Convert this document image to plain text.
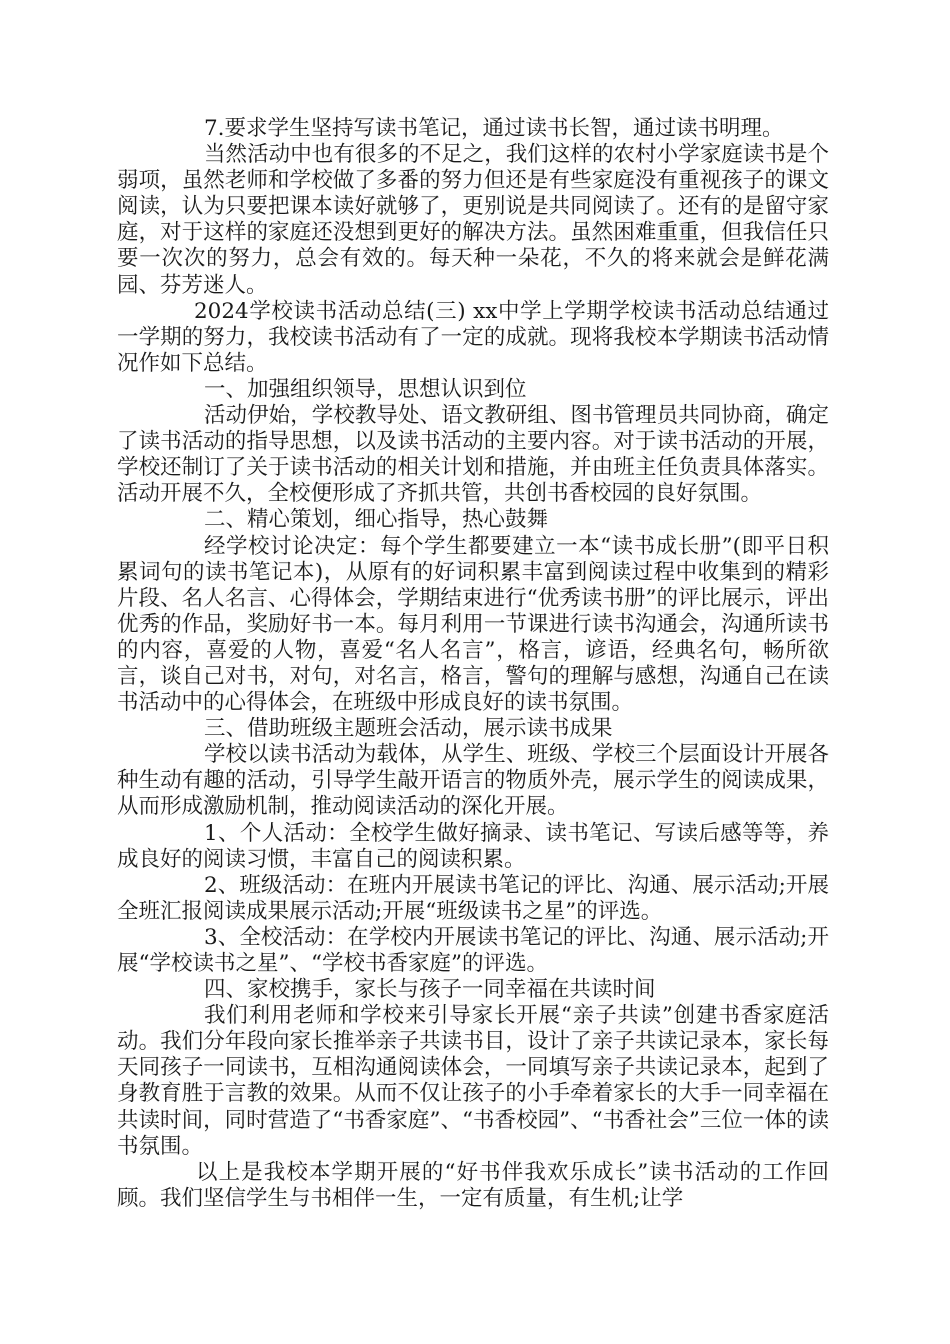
7.要求学生坚持写读书笔记，通过读书长智，通过读书明理。

当然活动中也有很多的不足之，我们这样的农村小学家庭读书是个弱项，虽然老师和学校做了多番的努力但还是有些家庭没有重视孩子的课文阅读，认为只要把课本读好就够了，更别说是共同阅读了。还有的是留守家庭，对于这样的家庭还没想到更好的解决方法。虽然困难重重，但我信任只要一次次的努力，总会有效的。每天种一朵花，不久的将来就会是鲜花满园、芬芳迷人。

2024学校读书活动总结(三) xx中学上学期学校读书活动总结通过一学期的努力，我校读书活动有了一定的成就。现将我校本学期读书活动情况作如下总结。

一、加强组织领导，思想认识到位

活动伊始，学校教导处、语文教研组、图书管理员共同协商，确定了读书活动的指导思想，以及读书活动的主要内容。对于读书活动的开展，学校还制订了关于读书活动的相关计划和措施，并由班主任负责具体落实。活动开展不久，全校便形成了齐抓共管，共创书香校园的良好氛围。

二、精心策划，细心指导，热心鼓舞

经学校讨论决定：每个学生都要建立一本“读书成长册”(即平日积累词句的读书笔记本)，从原有的好词积累丰富到阅读过程中收集到的精彩片段、名人名言、心得体会，学期结束进行“优秀读书册”的评比展示，评出优秀的作品，奖励好书一本。每月利用一节课进行读书沟通会，沟通所读书的内容，喜爱的人物，喜爱“名人名言”，格言，谚语，经典名句，畅所欲言，谈自己对书，对句，对名言，格言，警句的理解与感想，沟通自己在读书活动中的心得体会，在班级中形成良好的读书氛围。

三、借助班级主题班会活动，展示读书成果

学校以读书活动为载体，从学生、班级、学校三个层面设计开展各种生动有趣的活动，引导学生敲开语言的物质外壳，展示学生的阅读成果，从而形成激励机制，推动阅读活动的深化开展。

1、个人活动：全校学生做好摘录、读书笔记、写读后感等等，养成良好的阅读习惯，丰富自己的阅读积累。

2、班级活动：在班内开展读书笔记的评比、沟通、展示活动;开展全班汇报阅读成果展示活动;开展“班级读书之星”的评选。

3、全校活动：在学校内开展读书笔记的评比、沟通、展示活动;开展“学校读书之星”、“学校书香家庭”的评选。

四、家校携手，家长与孩子一同幸福在共读时间

我们利用老师和学校来引导家长开展“亲子共读”创建书香家庭活动。我们分年段向家长推举亲子共读书目，设计了亲子共读记录本，家长每天同孩子一同读书，互相沟通阅读体会，一同填写亲子共读记录本，起到了身教育胜于言教的效果。从而不仅让孩子的小手牵着家长的大手一同幸福在共读时间，同时营造了“书香家庭”、“书香校园”、“书香社会”三位一体的读书氛围。

以上是我校本学期开展的“好书伴我欢乐成长”读书活动的工作回顾。我们坚信学生与书相伴一生，一定有质量，有生机;让学
